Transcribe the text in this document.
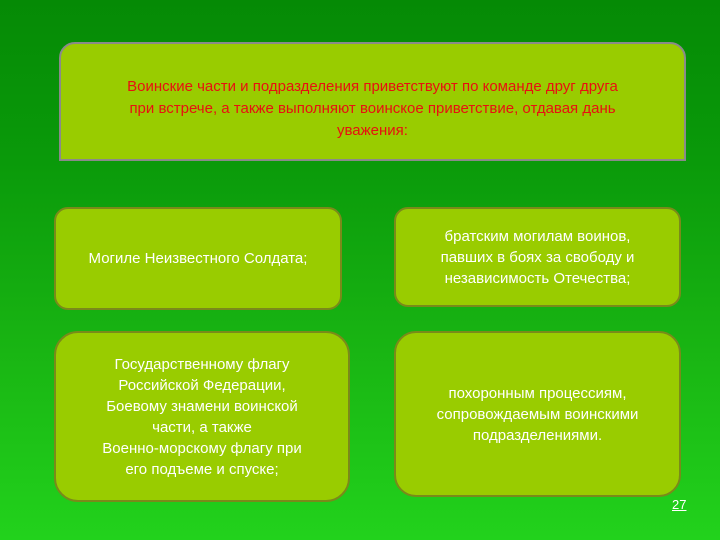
Воинские части и подразделения приветствуют по команде друг друга
при встрече, а также выполняют воинское приветствие, отдавая дань
уважения:
Могиле Неизвестного Солдата;
братским могилам воинов,
павших в боях за свободу и
независимость Отечества;
Государственному флагу
Российской Федерации,
Боевому знамени воинской
части, а также
Военно-морскому флагу при
его подъеме и спуске;
похоронным процессиям,
сопровождаемым воинскими
подразделениями.
27
